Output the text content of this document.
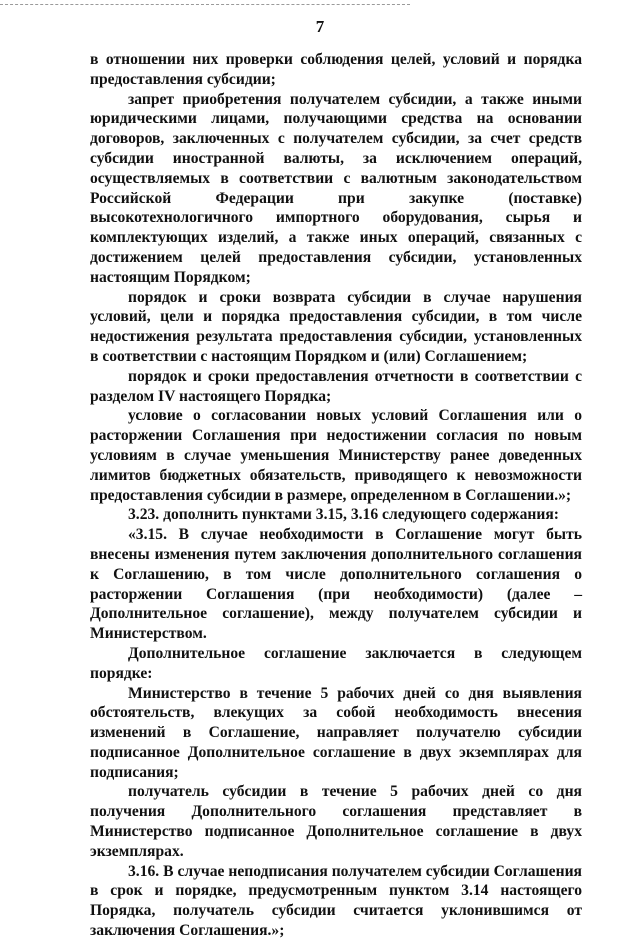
7

в отношении них проверки соблюдения целей, условий и порядка предоставления субсидии;

запрет приобретения получателем субсидии, а также иными юридическими лицами, получающими средства на основании договоров, заключенных с получателем субсидии, за счет средств субсидии иностранной валюты, за исключением операций, осуществляемых в соответствии с валютным законодательством Российской Федерации при закупке (поставке) высокотехнологичного импортного оборудования, сырья и комплектующих изделий, а также иных операций, связанных с достижением целей предоставления субсидии, установленных настоящим Порядком;

порядок и сроки возврата субсидии в случае нарушения условий, цели и порядка предоставления субсидии, в том числе недостижения результата предоставления субсидии, установленных в соответствии с настоящим Порядком и (или) Соглашением;

порядок и сроки предоставления отчетности в соответствии с разделом IV настоящего Порядка;

условие о согласовании новых условий Соглашения или о расторжении Соглашения при недостижении согласия по новым условиям в случае уменьшения Министерству ранее доведенных лимитов бюджетных обязательств, приводящего к невозможности предоставления субсидии в размере, определенном в Соглашении.»;

3.23. дополнить пунктами 3.15, 3.16 следующего содержания:

«3.15. В случае необходимости в Соглашение могут быть внесены изменения путем заключения дополнительного соглашения к Соглашению, в том числе дополнительного соглашения о расторжении Соглашения (при необходимости) (далее – Дополнительное соглашение), между получателем субсидии и Министерством.

Дополнительное соглашение заключается в следующем порядке:

Министерство в течение 5 рабочих дней со дня выявления обстоятельств, влекущих за собой необходимость внесения изменений в Соглашение, направляет получателю субсидии подписанное Дополнительное соглашение в двух экземплярах для подписания;

получатель субсидии в течение 5 рабочих дней со дня получения Дополнительного соглашения представляет в Министерство подписанное Дополнительное соглашение в двух экземплярах.

3.16. В случае неподписания получателем субсидии Соглашения в срок и порядке, предусмотренным пунктом 3.14 настоящего Порядка, получатель субсидии считается уклонившимся от заключения Соглашения.»;
